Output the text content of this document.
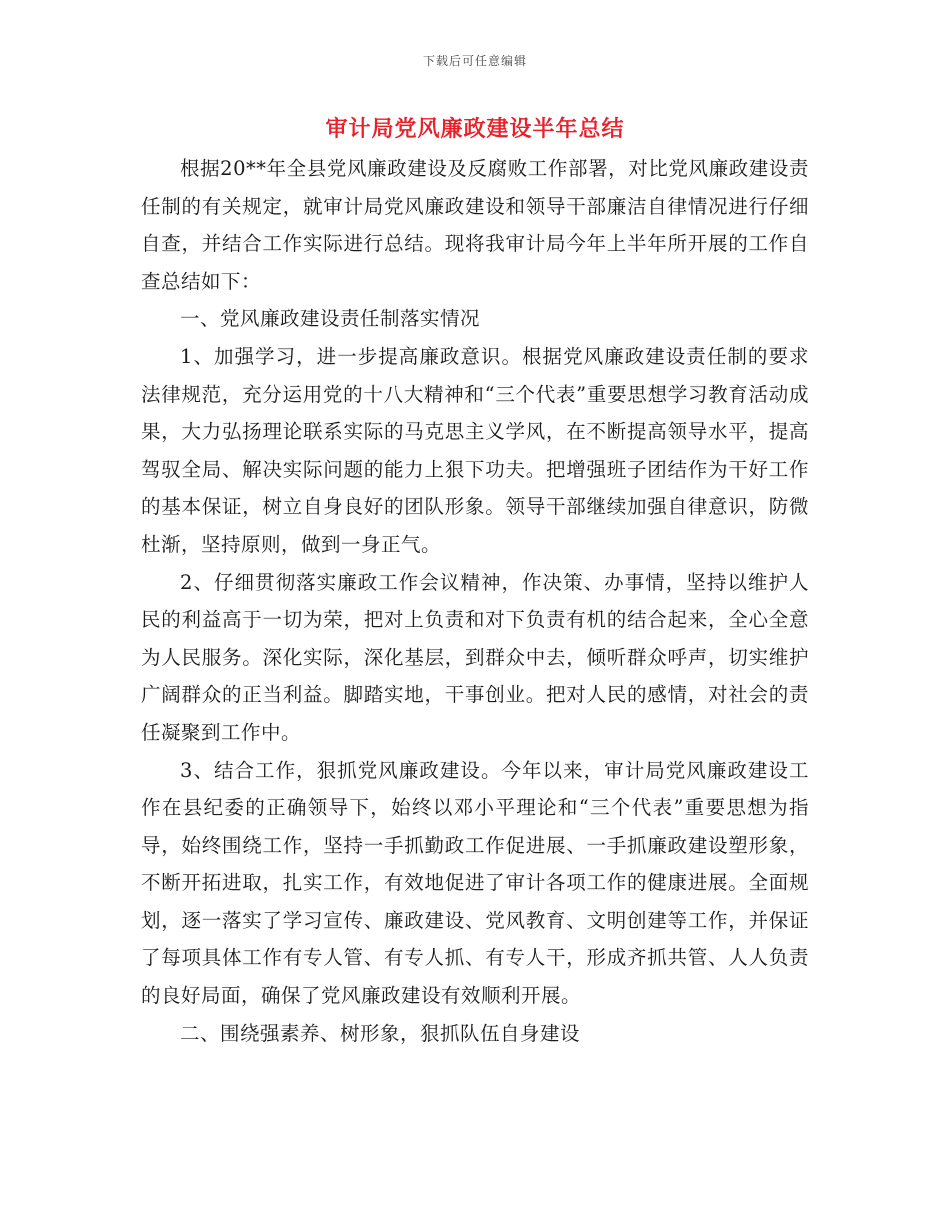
下载后可任意编辑
审计局党风廉政建设半年总结

根据20**年全县党风廉政建设及反腐败工作部署，对比党风廉政建设责任制的有关规定，就审计局党风廉政建设和领导干部廉洁自律情况进行仔细自查，并结合工作实际进行总结。现将我审计局今年上半年所开展的工作自查总结如下：

一、党风廉政建设责任制落实情况

1、加强学习，进一步提高廉政意识。根据党风廉政建设责任制的要求法律规范，充分运用党的十八大精神和“三个代表”重要思想学习教育活动成果，大力弘扬理论联系实际的马克思主义学风，在不断提高领导水平，提高驾驭全局、解决实际问题的能力上狠下功夫。把增强班子团结作为干好工作的基本保证，树立自身良好的团队形象。领导干部继续加强自律意识，防微杜渐，坚持原则，做到一身正气。

2、仔细贯彻落实廉政工作会议精神，作决策、办事情，坚持以维护人民的利益高于一切为荣，把对上负责和对下负责有机的结合起来，全心全意为人民服务。深化实际，深化基层，到群众中去，倾听群众呼声，切实维护广阔群众的正当利益。脚踏实地，干事创业。把对人民的感情，对社会的责任凝聚到工作中。

3、结合工作，狠抓党风廉政建设。今年以来，审计局党风廉政建设工作在县纪委的正确领导下，始终以邓小平理论和“三个代表”重要思想为指导，始终围绕工作，坚持一手抓勤政工作促进展、一手抓廉政建设塑形象，不断开拓进取，扎实工作，有效地促进了审计各项工作的健康进展。全面规划，逐一落实了学习宣传、廉政建设、党风教育、文明创建等工作，并保证了每项具体工作有专人管、有专人抓、有专人干，形成齐抓共管、人人负责的良好局面，确保了党风廉政建设有效顺利开展。

二、围绕强素养、树形象，狠抓队伍自身建设
